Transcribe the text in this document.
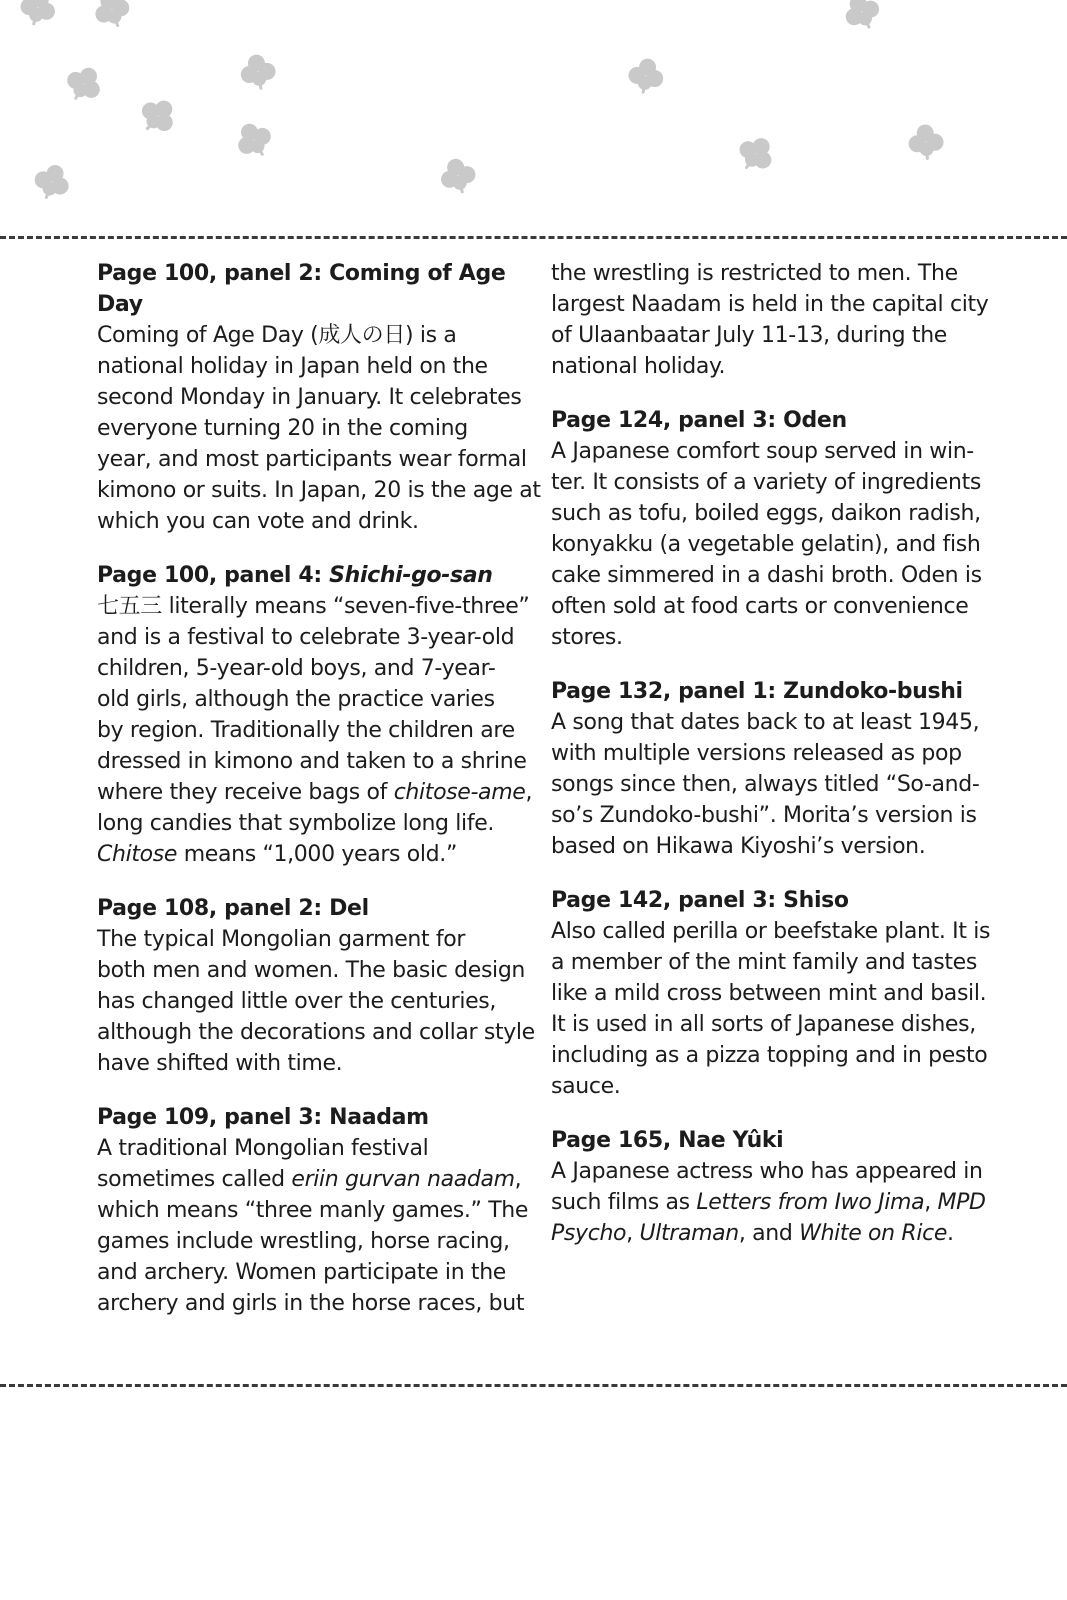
Page 100, panel 2: Coming of Age Day
Coming of Age Day (成人の日) is a
national holiday in Japan held on the
second Monday in January. It celebrates
everyone turning 20 in the coming
year, and most participants wear formal
kimono or suits. In Japan, 20 is the age at
which you can vote and drink.
Page 100, panel 4: Shichi-go-san
七五三 literally means “seven-five-three”
and is a festival to celebrate 3-year-old
children, 5-year-old boys, and 7-year-
old girls, although the practice varies
by region. Traditionally the children are
dressed in kimono and taken to a shrine
where they receive bags of chitose-ame,
long candies that symbolize long life.
Chitose means “1,000 years old.”
Page 108, panel 2: Del
The typical Mongolian garment for
both men and women. The basic design
has changed little over the centuries,
although the decorations and collar style
have shifted with time.
Page 109, panel 3: Naadam
A traditional Mongolian festival
sometimes called eriin gurvan naadam,
which means “three manly games.” The
games include wrestling, horse racing,
and archery. Women participate in the
archery and girls in the horse races, but
the wrestling is restricted to men. The
largest Naadam is held in the capital city
of Ulaanbaatar July 11-13, during the
national holiday.
Page 124, panel 3: Oden
A Japanese comfort soup served in win-
ter. It consists of a variety of ingredients
such as tofu, boiled eggs, daikon radish,
konyakku (a vegetable gelatin), and fish
cake simmered in a dashi broth. Oden is
often sold at food carts or convenience
stores.
Page 132, panel 1: Zundoko-bushi
A song that dates back to at least 1945,
with multiple versions released as pop
songs since then, always titled “So-and-
so’s Zundoko-bushi”. Morita’s version is
based on Hikawa Kiyoshi’s version.
Page 142, panel 3: Shiso
Also called perilla or beefstake plant. It is
a member of the mint family and tastes
like a mild cross between mint and basil.
It is used in all sorts of Japanese dishes,
including as a pizza topping and in pesto
sauce.
Page 165, Nae Yûki
A Japanese actress who has appeared in
such films as Letters from Iwo Jima, MPD
Psycho, Ultraman, and White on Rice.
